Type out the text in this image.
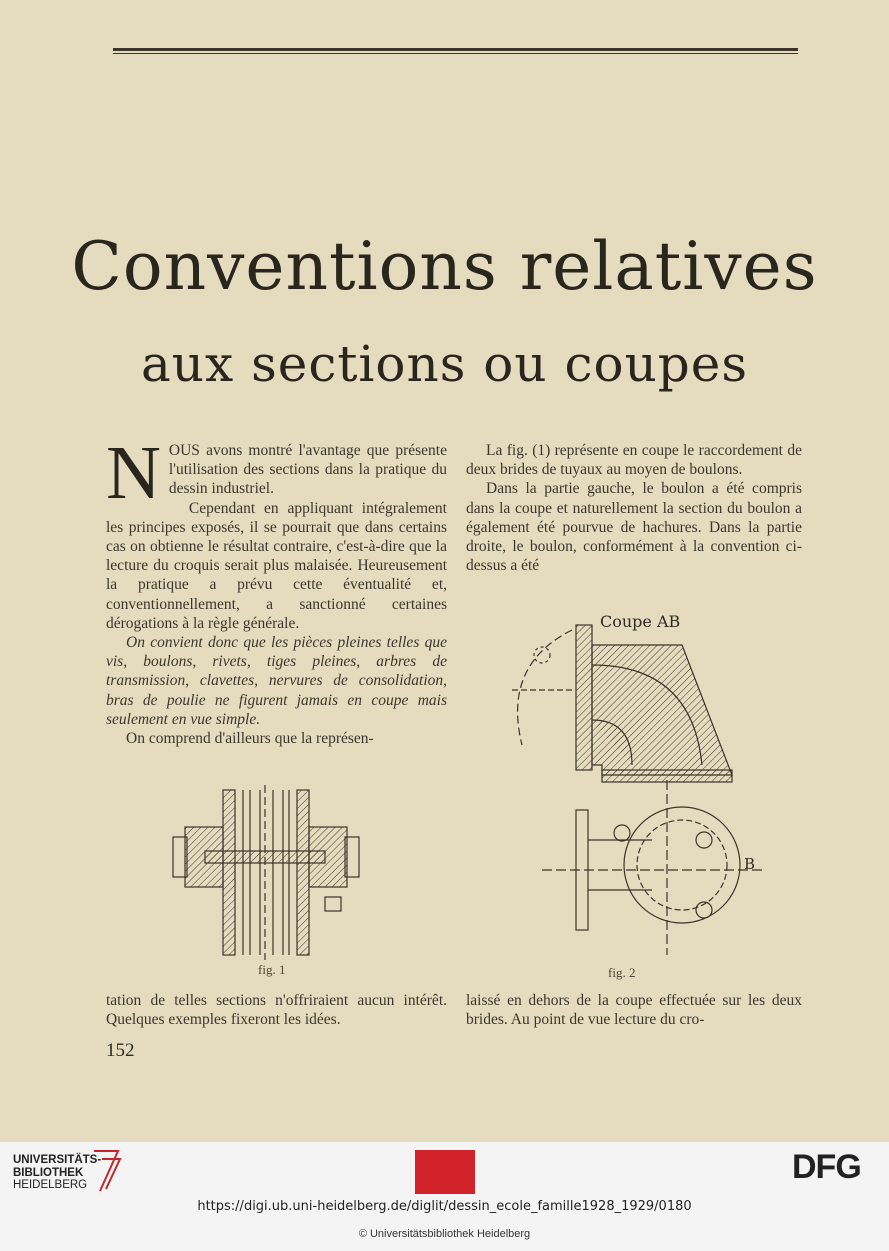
Conventions relatives
aux sections ou coupes
N OUS avons montré l'avantage que présente l'utilisation des sections dans la pratique du dessin industriel.

Cependant en appliquant intégralement les principes exposés, il se pourrait que dans certains cas on obtienne le résultat contraire, c'est-à-dire que la lecture du croquis serait plus malaisée. Heureusement la pratique a prévu cette éventualité et, conventionnellement, a sanctionné certaines dérogations à la règle générale.

On convient donc que les pièces pleines telles que vis, boulons, rivets, tiges pleines, arbres de transmission, clavettes, nervures de consolidation, bras de poulie ne figurent jamais en coupe mais seulement en vue simple.

On comprend d'ailleurs que la représen-

La fig. (1) représente en coupe le raccordement de deux brides de tuyaux au moyen de boulons.

Dans la partie gauche, le boulon a été compris dans la coupe et naturellement la section du boulon a également été pourvue de hachures. Dans la partie droite, le boulon, conformément à la convention ci-dessus a été

fig. 1
Coupe AB
B
fig. 2

tation de telles sections n'offriraient aucun intérêt. Quelques exemples fixeront les idées.

laissé en dehors de la coupe effectuée sur les deux brides. Au point de vue lecture du cro-

152
UNIVERSITÄTS-
BIBLIOTHEK
HEIDELBERG	DFG
https://digi.ub.uni-heidelberg.de/diglit/dessin_ecole_famille1928_1929/0180
© Universitätsbibliothek Heidelberg
